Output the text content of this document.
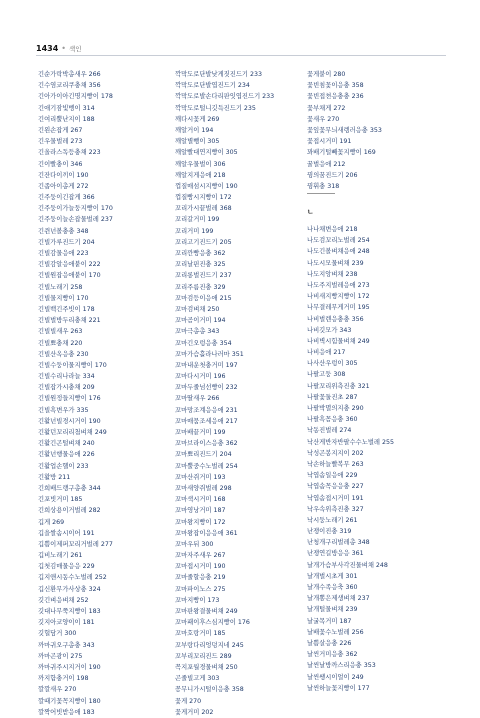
1434 • 색인
긴순가락박총새우 266
긴수염코리쿠충채 356
긴아가이아긴명지빵이 178
긴애기잠빛벵이 314
긴여리뿔난지이 188
긴왼손잡게 267
긴우물벌레 273
긴올라스독등충채 223
긴이빨충이 346
긴잔다이끼이 190
긴좁아이총게 272
긴주둥이긴잡게 366
긴주둥이가늘둥지빵이 170
긴주둥이늘손잡물벌레 237
긴쥔넌볼충충 348
긴빌가루진드기 204
긴빌감물응애 223
긴빌감알응애붙이 222
긴빌원잡응애붙이 170
긴빌노래기 258
긴빌물지빵이 170
긴빌백긴주빗이 178
긴빌벌방두리충채 221
긴빌빌새우 263
긴빌뾰충채 220
긴빌산옥응충 230
긴빌수둥이물지빵이 170
긴빌수리나라늘 334
긴빌잡가시충채 209
긴빌원정들지빵이 176
긴빌흑변우가 335
긴활넌빌경시거이 190
긴활던꼬리리첨벼채 249
긴활긴곤털벼채 240
긴활넌행물응애 226
긴활업손헬이 233
긴활방 211
긴희배드랭구총충 344
긴포빗거미 185
긴희상용이거벌레 282
깁게 269
깁을쌀솜시이어 191
깁쁨이제퍼꼬리거벌레 277
깁비노래기 261
깁첫김매물응응 229
깁지앤시동수노벌레 252
깁신환무가사상충 324
깃긴벼응벼채 252
깃대나무쭉지빵이 183
깃지아코양이이 181
깃헐담거 300
까마귀오구총충 343
까마곤광이 275
까마귀주시지거이 190
까지함충거이 198
깔깔새우 270
깔때기꽃꼭지빵이 180
깔짝어빗받응애 183
깍막도로단발낮게짓진드기 233
깍막도로단발엽진드기 234
깍막도로발손다리판잇엽진드기 233
깍막도로털니깃득진드기 235
깨다시꽃게 269
깨알거이 194
깨알별뺑이 305
깨알빨대연지빵이 305
깨알우물벌이 306
깨알지게응애 218
껍질매섬시지빵이 190
껍질빵시지빵이 172
꼬리가시끝벌레 368
꼬리갈거미 199
꼬리거미 199
꼬리고기진드기 205
꼬리깐빵응충 362
꼬리날핀진충 325
꼬리롱벌진드기 237
꼬리주름진충 329
꼬마검등이응애 215
꼬마검벼채 250
꼬마곰이거미 194
꼬마극총총 343
꼬마긴오렁응충 354
꼬마가슴홀라나러마 351
꼬마내운첫충거미 197
꼬마다시거미 196
꼬마두줄넘선빵이 232
꼬마딸새우 266
꼬마망조계응응애 231
꼬마매뭄조세응애 217
꼬마배끝거미 199
꼬마브라이스응충 362
꼬마뾰리진드기 204
꼬마뿔중수노벌레 254
꼬마산쥐거미 193
꼬마새양쥐벌레 298
꼬마색시거미 168
꼬마영낭거미 187
꼬마왕지빵이 172
꼬마왕잡이응응애 361
꼬마우뒤 300
꼬마자주새우 267
꼬마접시거미 190
꼬마줄할응충 219
꼬마파이노스 275
꼬마지빵이 173
꼬마판왕결물벼채 249
꼬마패이후스심지빵이 176
꼬마호랑거미 185
꼬부랑다리엉덩지네 245
꼬부리꼬리진드 289
꼭지포월경물벼채 250
곤줄빌고게 303
꽁무니가시털이응충 358
꽃게 270
꽃게거미 202
꽃게붙이 280
꽃빈침꽃이응충 358
꽃빈접쳔응충충 236
꽃부채게 272
꽃새우 270
꽃잎꽃무늬새렝러응충 353
꽃접시거미 191
꽈배기털빼꽃지빵이 169
꿀벌응애 212
꿩의꿈진드기 206
꿩휘충 318
ㄴ
나나채변응애 218
나도검꼬리노벌레 254
나도긴볼벼채응애 248
나도시모물벼채 239
나도지앙벼채 238
나도주지벌레응애 273
나비새지빵지빵이 172
나무결레무게거미 195
나비벌렌응충충 356
나비깃모가 343
나비벽시힘물벼채 249
나비응애 217
나사산우렁이 305
나팔고둥 308
나팔꼬리위측진충 321
나팔꽃둘진초 287
나팔박멸의지충 290
나팔흑꼼응충 360
낙동진벌레 274
낙산게반자반팔수수노벌레 255
낙성곤봉지지이 202
낙손하늘빨복무 263
낙엽솜일응애 229
낙엽솜꼭응응충 227
낙엽솜접시거미 191
낙우속위측진충 327
낙시둥노래기 261
난쟁이진충 319
난청개구리벌레총 348
난쟁연길방응응 361
날개가슴부사각진물벼채 248
날개벌시초게 301
날개수족응축 360
날개뽕은제생벼채 237
날개털물벼채 239
날굴목거미 187
날배꽃수노벌레 256
날쁨살응충 226
날씬거미응충 362
날씬날방까스리응충 353
날씬쌩시이얼이 249
날씬하늘꽃지빵이 177
